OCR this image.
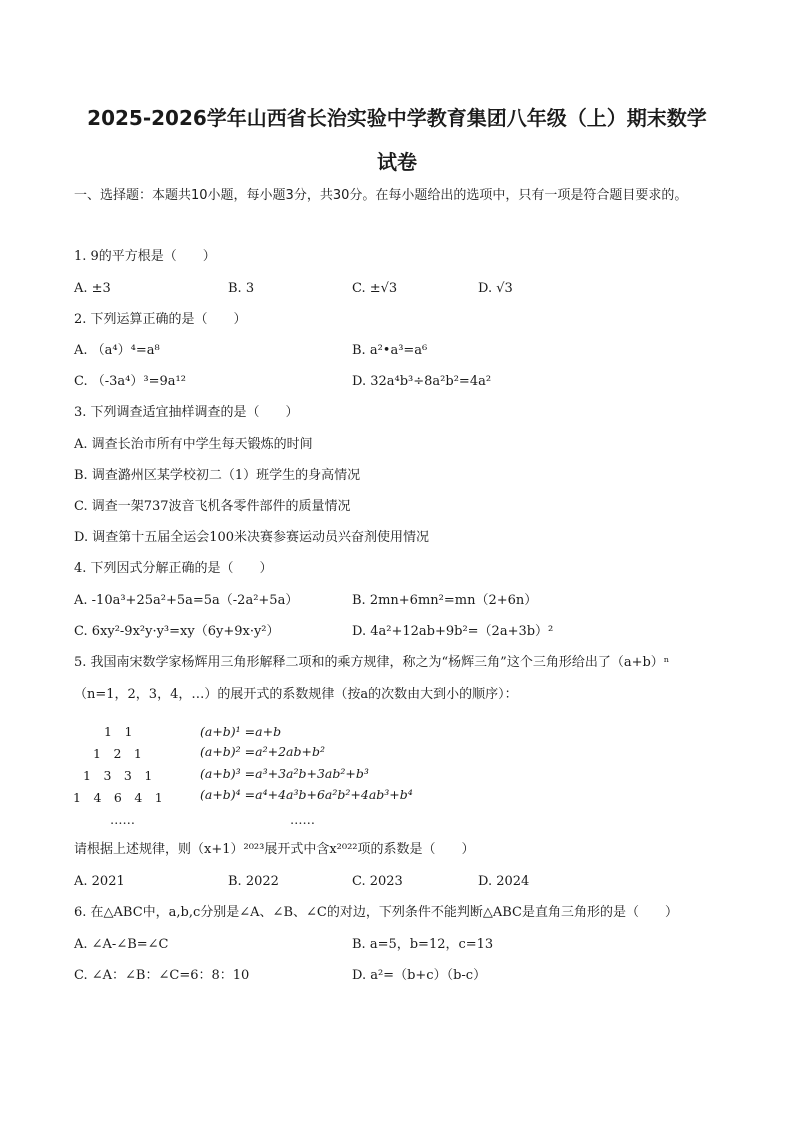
2025-2026学年山西省长治实验中学教育集团八年级（上）期末数学
试卷
一、选择题：本题共10小题，每小题3分，共30分。在每小题给出的选项中，只有一项是符合题目要求的。
1. 9的平方根是（　　）
A. ±3	B. 3	C. ±√3	D. √3
2. 下列运算正确的是（　　）
A. （a⁴）⁴=a⁸	B. a²•a³=a⁶
C. （-3a⁴）³=9a¹²	D. 32a⁴b³÷8a²b²=4a²
3. 下列调查适宜抽样调查的是（　　）
A. 调查长治市所有中学生每天锻炼的时间
B. 调查潞州区某学校初二（1）班学生的身高情况
C. 调查一架737波音飞机各零件部件的质量情况
D. 调查第十五届全运会100米决赛参赛运动员兴奋剂使用情况
4. 下列因式分解正确的是（　　）
A. -10a³+25a²+5a=5a（-2a²+5a）	B. 2mn+6mn²=mn（2+6n）
C. 6xy²-9x²y·y³=xy（6y+9x·y²）	D. 4a²+12ab+9b²=（2a+3b）²
5. 我国南宋数学家杨辉用三角形解释二项和的乘方规律，称之为“杨辉三角”这个三角形给出了（a+b）ⁿ
（n=1，2，3，4，…）的展开式的系数规律（按a的次数由大到小的顺序）：
1　1
1　2　1
1　3　3　1
1　4　6　4　1
……
(a+b)¹ =a+b
(a+b)² =a²+2ab+b²
(a+b)³ =a³+3a²b+3ab²+b³
(a+b)⁴ =a⁴+4a³b+6a²b²+4ab³+b⁴
……
请根据上述规律，则（x+1）²⁰²³展开式中含x²⁰²²项的系数是（　　）
A. 2021	B. 2022	C. 2023	D. 2024
6. 在△ABC中，a,b,c分别是∠A、∠B、∠C的对边，下列条件不能判断△ABC是直角三角形的是（　　）
A. ∠A-∠B=∠C	B. a=5，b=12，c=13
C. ∠A：∠B：∠C=6：8：10	D. a²=（b+c）（b-c）
